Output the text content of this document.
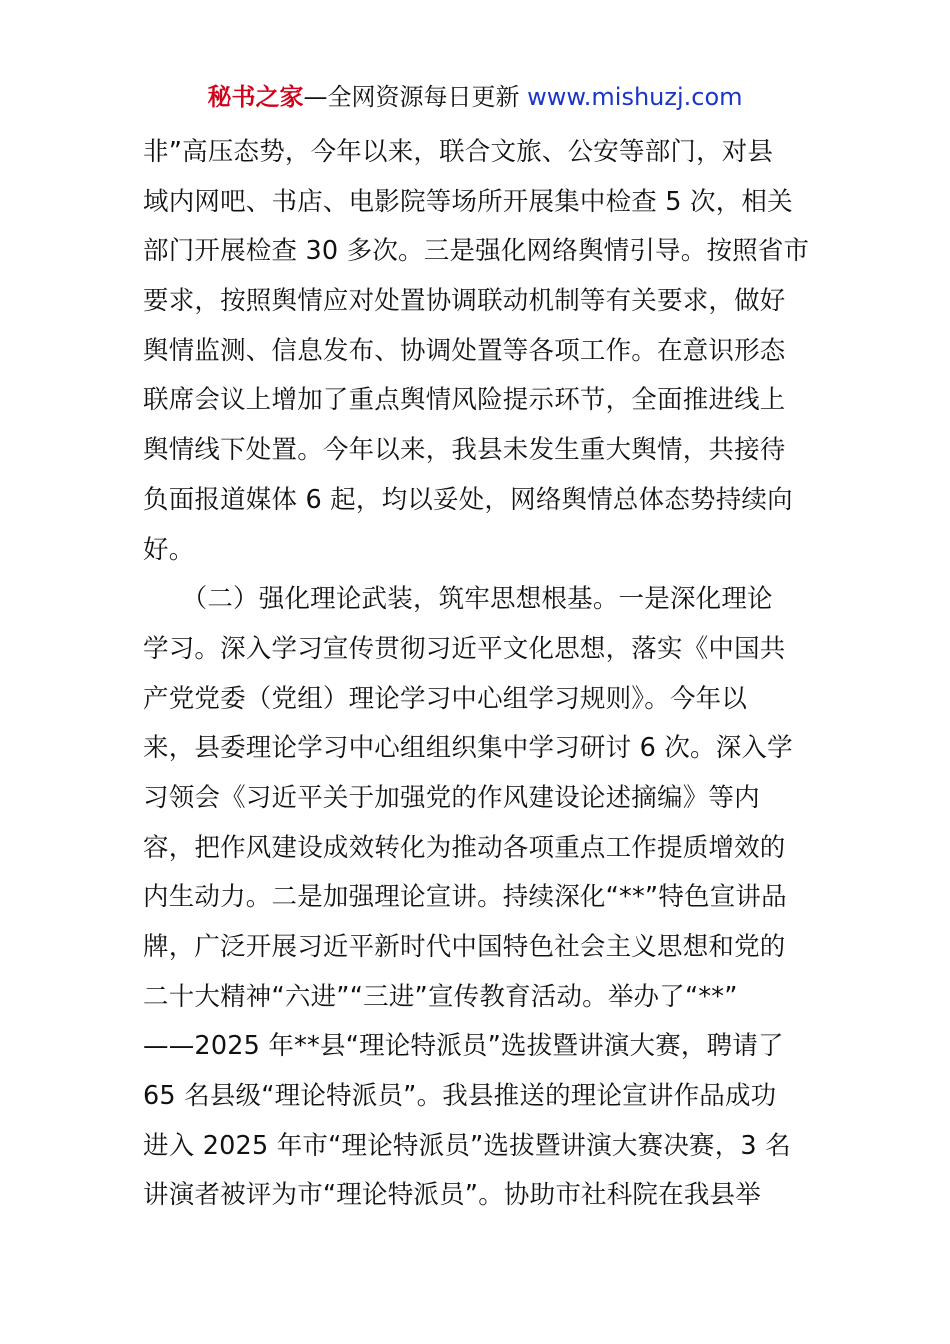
秘书之家—全网资源每日更新 www.mishuzj.com
非”高压态势，今年以来，联合文旅、公安等部门，对县
域内网吧、书店、电影院等场所开展集中检查 5 次，相关
部门开展检查 30 多次。三是强化网络舆情引导。按照省市
要求，按照舆情应对处置协调联动机制等有关要求，做好
舆情监测、信息发布、协调处置等各项工作。在意识形态
联席会议上增加了重点舆情风险提示环节，全面推进线上
舆情线下处置。今年以来，我县未发生重大舆情，共接待
负面报道媒体 6 起，均以妥处，网络舆情总体态势持续向
好。
　　（二）强化理论武装，筑牢思想根基。一是深化理论
学习。深入学习宣传贯彻习近平文化思想，落实《中国共
产党党委（党组）理论学习中心组学习规则》。今年以
来，县委理论学习中心组组织集中学习研讨 6 次。深入学
习领会《习近平关于加强党的作风建设论述摘编》等内
容，把作风建设成效转化为推动各项重点工作提质增效的
内生动力。二是加强理论宣讲。持续深化“**”特色宣讲品
牌，广泛开展习近平新时代中国特色社会主义思想和党的
二十大精神“六进”“三进”宣传教育活动。举办了“**”
——2025 年**县“理论特派员”选拔暨讲演大赛，聘请了
65 名县级“理论特派员”。我县推送的理论宣讲作品成功
进入 2025 年市“理论特派员”选拔暨讲演大赛决赛，3 名
讲演者被评为市“理论特派员”。协助市社科院在我县举
